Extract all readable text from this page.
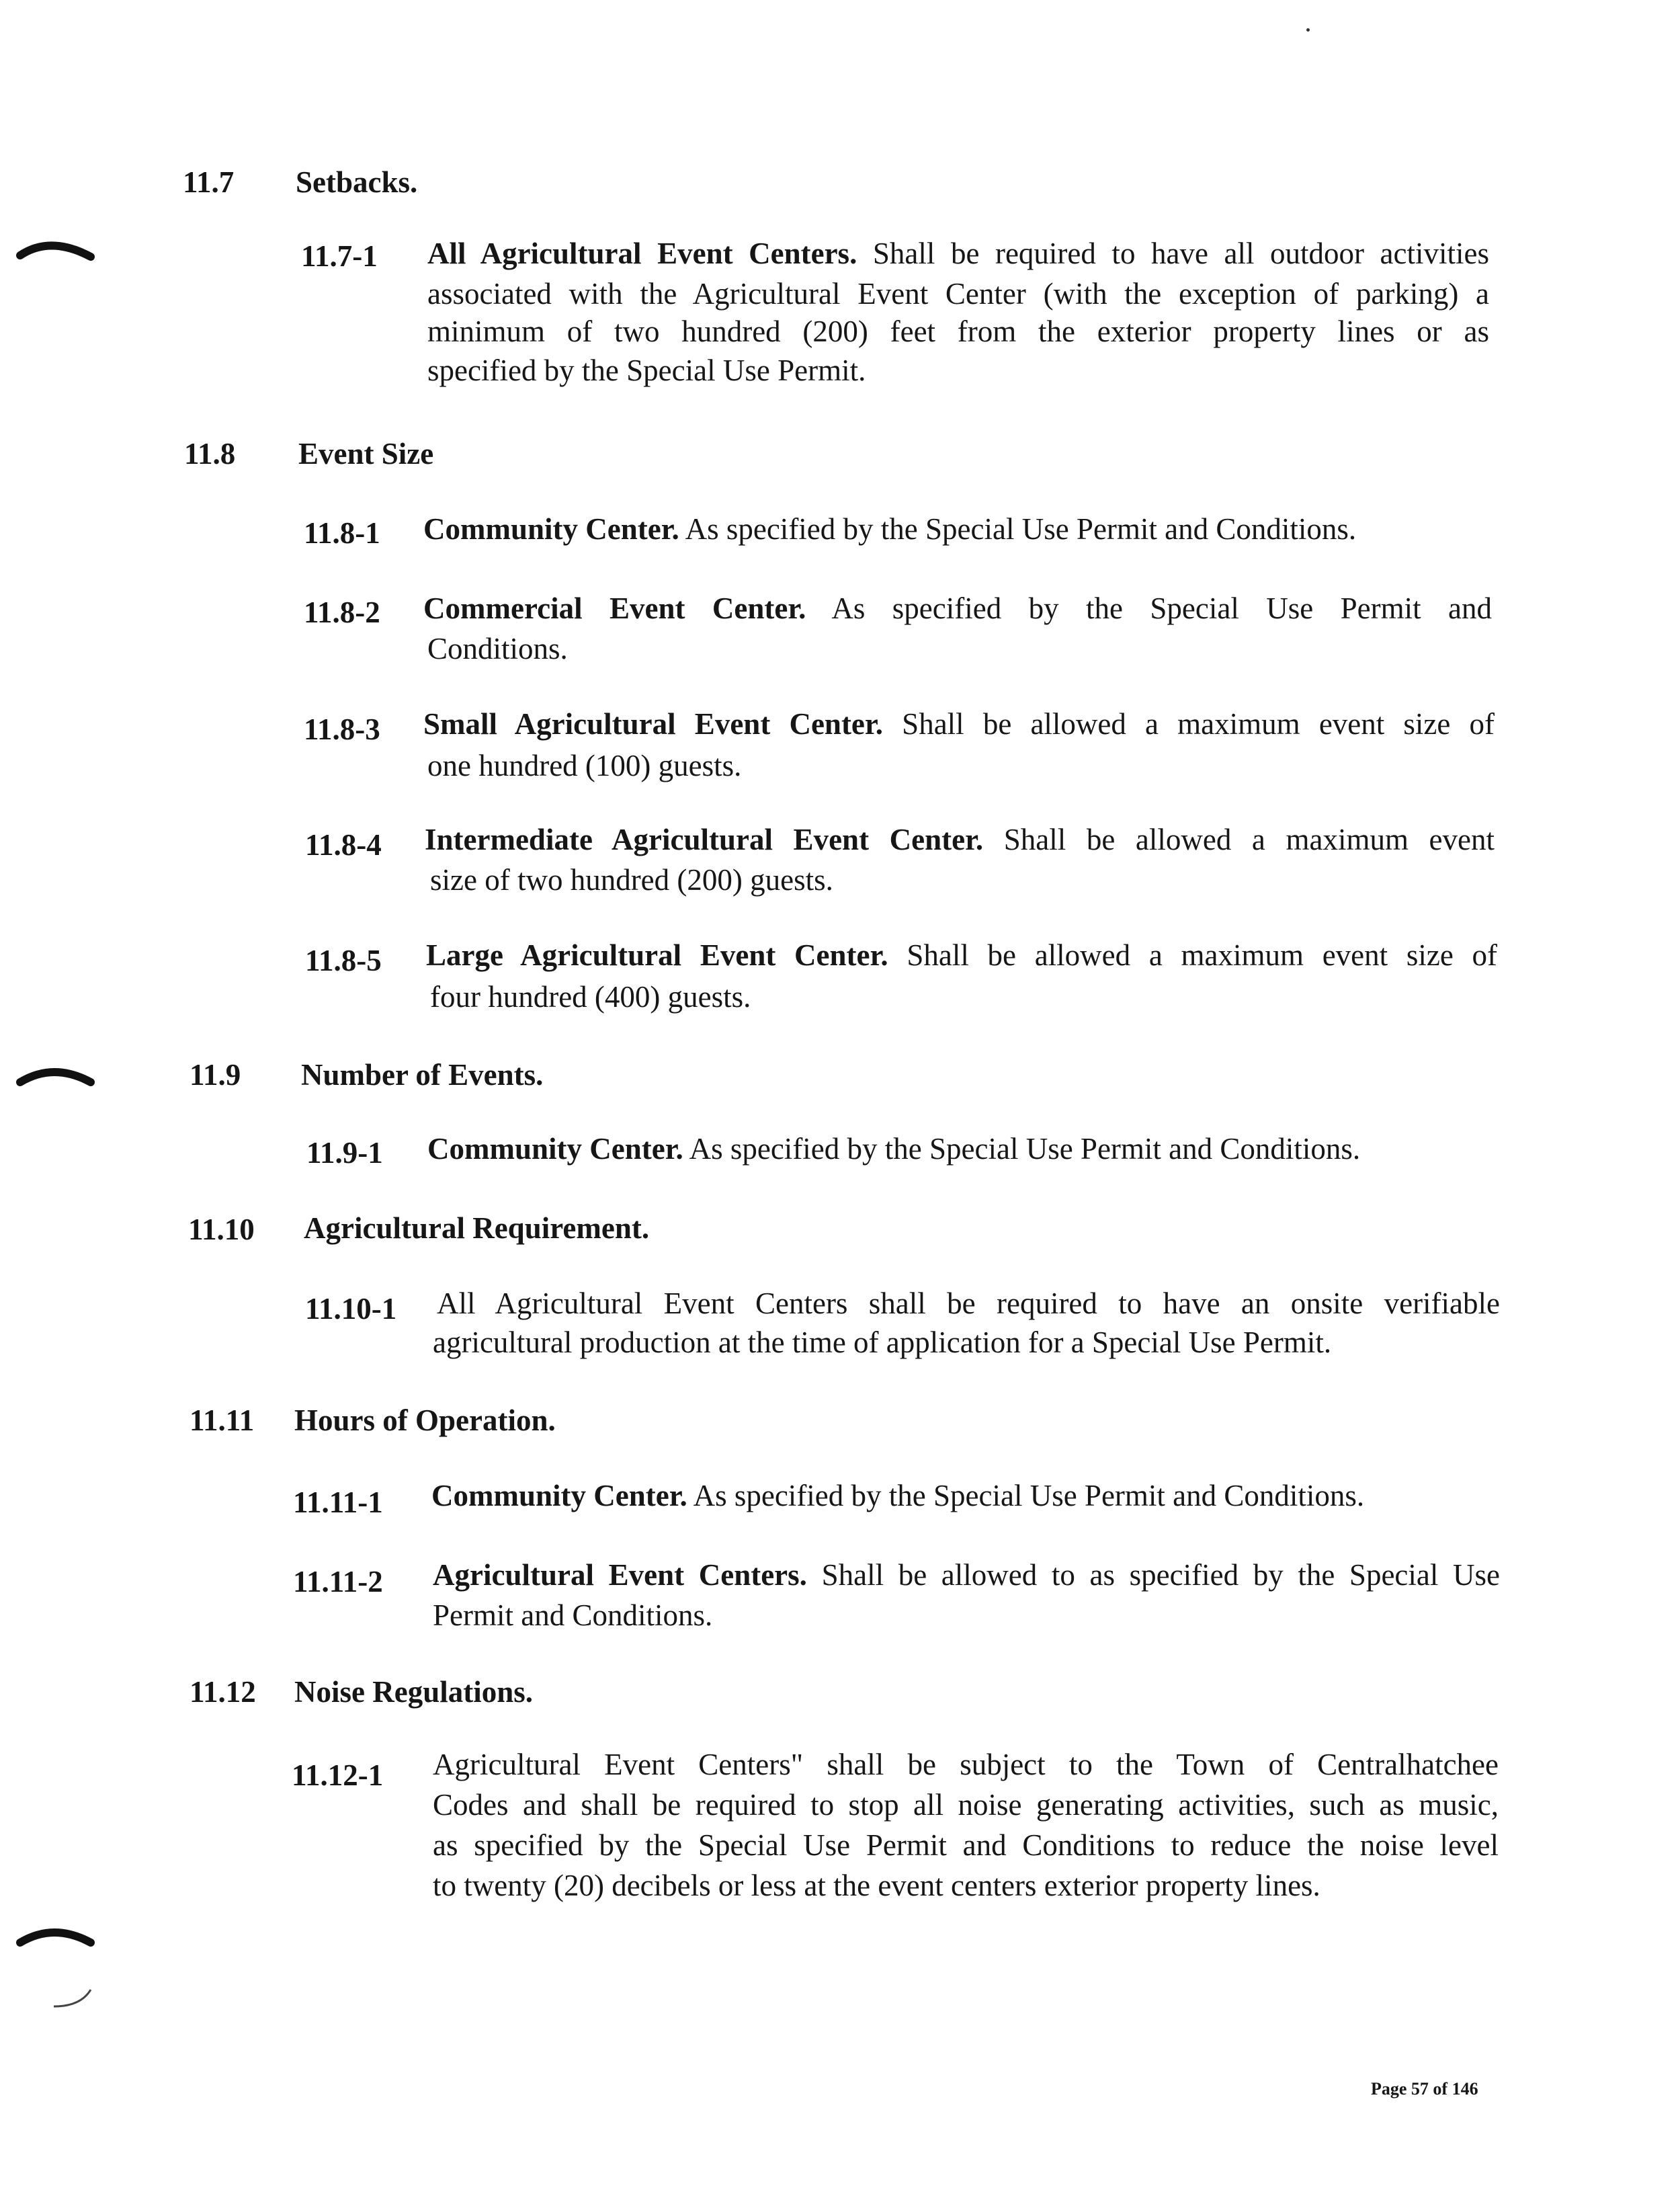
11.7 Setbacks.
11.7-1 All Agricultural Event Centers. Shall be required to have all outdoor activities
associated with the Agricultural Event Center (with the exception of parking) a
minimum of two hundred (200) feet from the exterior property lines or as
specified by the Special Use Permit.
11.8 Event Size
11.8-1 Community Center. As specified by the Special Use Permit and Conditions.
11.8-2 Commercial Event Center. As specified by the Special Use Permit and
Conditions.
11.8-3 Small Agricultural Event Center. Shall be allowed a maximum event size of
one hundred (100) guests.
11.8-4 Intermediate Agricultural Event Center. Shall be allowed a maximum event
size of two hundred (200) guests.
11.8-5 Large Agricultural Event Center. Shall be allowed a maximum event size of
four hundred (400) guests.
11.9 Number of Events.
11.9-1 Community Center. As specified by the Special Use Permit and Conditions.
11.10 Agricultural Requirement.
11.10-1 All Agricultural Event Centers shall be required to have an onsite verifiable
agricultural production at the time of application for a Special Use Permit.
11.11 Hours of Operation.
11.11-1 Community Center. As specified by the Special Use Permit and Conditions.
11.11-2 Agricultural Event Centers. Shall be allowed to as specified by the Special Use
Permit and Conditions.
11.12 Noise Regulations.
11.12-1 Agricultural Event Centers" shall be subject to the Town of Centralhatchee
Codes and shall be required to stop all noise generating activities, such as music,
as specified by the Special Use Permit and Conditions to reduce the noise level
to twenty (20) decibels or less at the event centers exterior property lines.
Page 57 of 146
